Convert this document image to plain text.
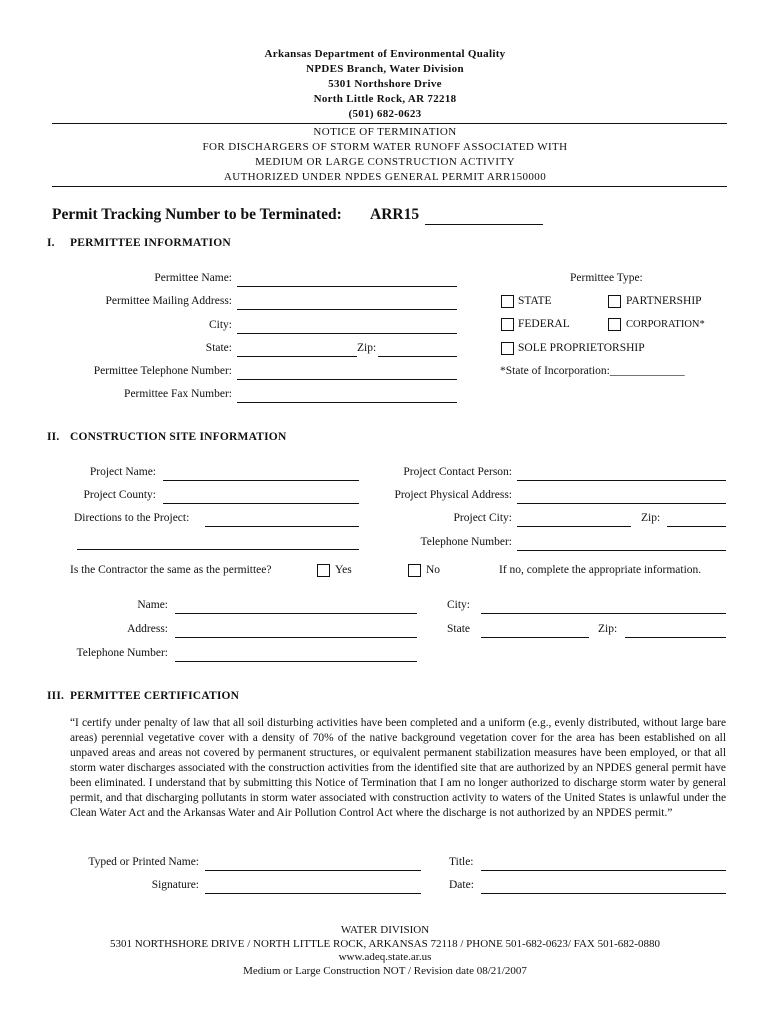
Arkansas Department of Environmental Quality
NPDES Branch, Water Division
5301 Northshore Drive
North Little Rock, AR 72218
(501) 682-0623
NOTICE OF TERMINATION
FOR DISCHARGERS OF STORM WATER RUNOFF ASSOCIATED WITH
MEDIUM OR LARGE CONSTRUCTION ACTIVITY
AUTHORIZED UNDER NPDES GENERAL PERMIT ARR150000
Permit Tracking Number to be Terminated: ARR15
I. PERMITTEE INFORMATION
Permittee Name:
Permittee Mailing Address:
City:
State:	Zip:
Permittee Telephone Number:
Permittee Fax Number:
Permittee Type:
STATE	PARTNERSHIP
FEDERAL	CORPORATION*
SOLE PROPRIETORSHIP
*State of Incorporation:_____________
II. CONSTRUCTION SITE INFORMATION
Project Name:
Project County:
Directions to the Project:
Project Contact Person:
Project Physical Address:
Project City:	Zip:
Telephone Number:
Is the Contractor the same as the permittee?	Yes	No	If no, complete the appropriate information.
Name:
Address:
Telephone Number:
City:
State	Zip:
III. PERMITTEE CERTIFICATION
“I certify under penalty of law that all soil disturbing activities have been completed and a uniform (e.g., evenly distributed, without large bare areas) perennial vegetative cover with a density of 70% of the native background vegetation cover for the area has been established on all unpaved areas and areas not covered by permanent structures, or equivalent permanent stabilization measures have been employed, or that all storm water discharges associated with the construction activities from the identified site that are authorized by an NPDES general permit have been eliminated. I understand that by submitting this Notice of Termination that I am no longer authorized to discharge storm water by general permit, and that discharging pollutants in storm water associated with construction activity to waters of the United States is unlawful under the Clean Water Act and the Arkansas Water and Air Pollution Control Act where the discharge is not authorized by an NPDES permit.”
Typed or Printed Name:
Signature:
Title:
Date:
WATER DIVISION
5301 NORTHSHORE DRIVE / NORTH LITTLE ROCK, ARKANSAS 72118 / PHONE 501-682-0623/ FAX 501-682-0880
www.adeq.state.ar.us
Medium or Large Construction NOT / Revision date 08/21/2007
